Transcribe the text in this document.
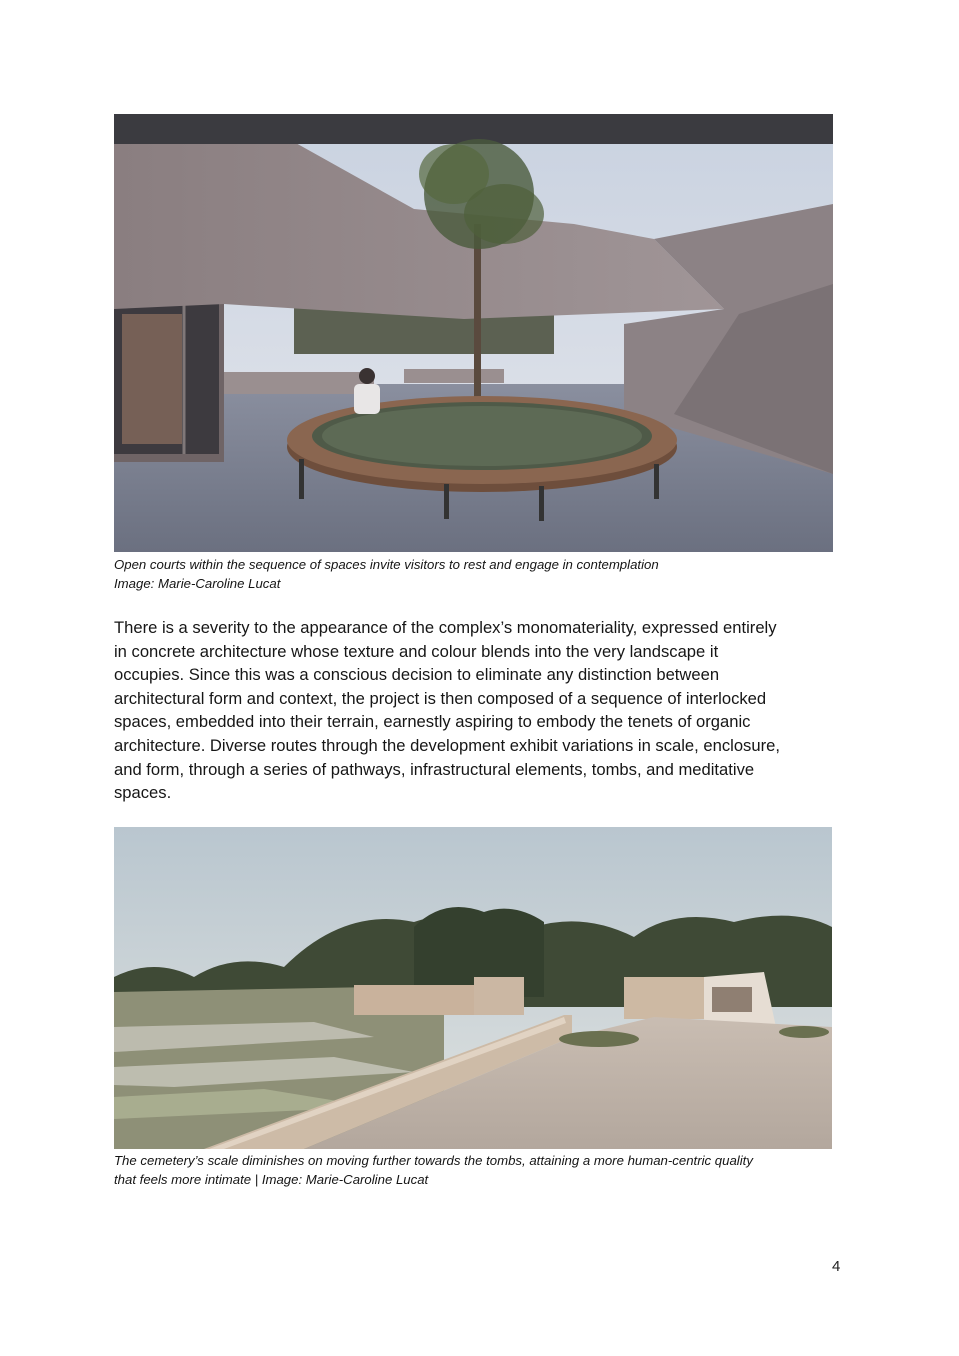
Open courts within the sequence of spaces invite visitors to rest and engage in contemplation
Image: Marie-Caroline Lucat
There is a severity to the appearance of the complex’s monomateriality, expressed entirely
in concrete architecture whose texture and colour blends into the very landscape it
occupies. Since this was a conscious decision to eliminate any distinction between
architectural form and context, the project is then composed of a sequence of interlocked
spaces, embedded into their terrain, earnestly aspiring to embody the tenets of organic
architecture. Diverse routes through the development exhibit variations in scale, enclosure,
and form, through a series of pathways, infrastructural elements, tombs, and meditative
spaces.
The cemetery’s scale diminishes on moving further towards the tombs, attaining a more human-centric quality
that feels more intimate | Image: Marie-Caroline Lucat
4
